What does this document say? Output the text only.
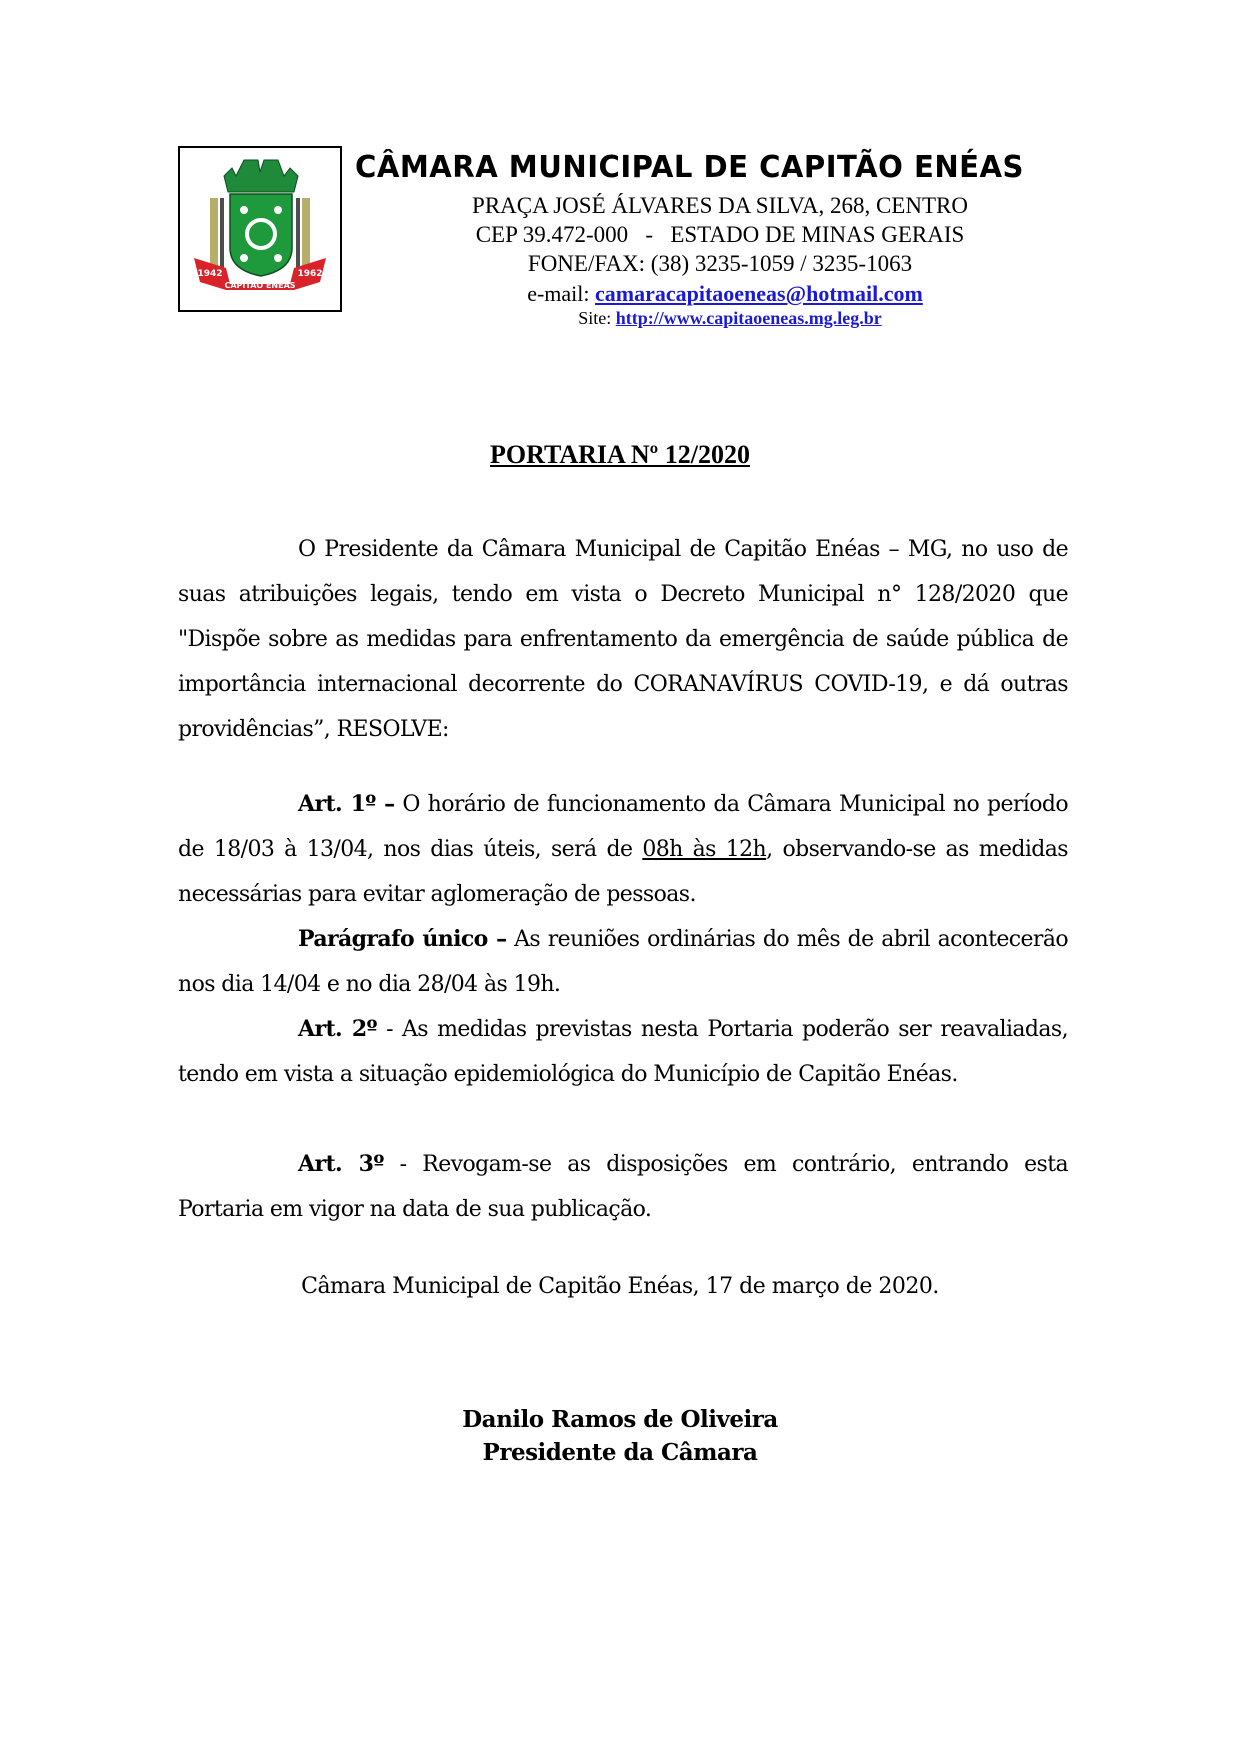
CAPITÃO ENÉAS
1942	1962
CÂMARA MUNICIPAL DE CAPITÃO ENÉAS
PRAÇA JOSÉ ÁLVARES DA SILVA, 268, CENTRO
CEP 39.472-000   -   ESTADO DE MINAS GERAIS
FONE/FAX: (38) 3235-1059 / 3235-1063
e-mail: camaracapitaoeneas@hotmail.com
Site: http://www.capitaoeneas.mg.leg.br
PORTARIA Nº 12/2020
O Presidente da Câmara Municipal de Capitão Enéas – MG, no uso de suas atribuições legais, tendo em vista o Decreto Municipal n° 128/2020 que "Dispõe sobre as medidas para enfrentamento da emergência de saúde pública de importância internacional decorrente do CORANAVÍRUS COVID-19, e dá outras providências”, RESOLVE:
Art. 1º – O horário de funcionamento da Câmara Municipal no período de 18/03 à 13/04, nos dias úteis, será de 08h às 12h, observando-se as medidas necessárias para evitar aglomeração de pessoas.
Parágrafo único – As reuniões ordinárias do mês de abril acontecerão nos dia 14/04 e no dia 28/04 às 19h.
Art. 2º - As medidas previstas nesta Portaria poderão ser reavaliadas, tendo em vista a situação epidemiológica do Município de Capitão Enéas.
Art. 3º - Revogam-se as disposições em contrário, entrando esta Portaria em vigor na data de sua publicação.
Câmara Municipal de Capitão Enéas, 17 de março de 2020.
Danilo Ramos de Oliveira
Presidente da Câmara
